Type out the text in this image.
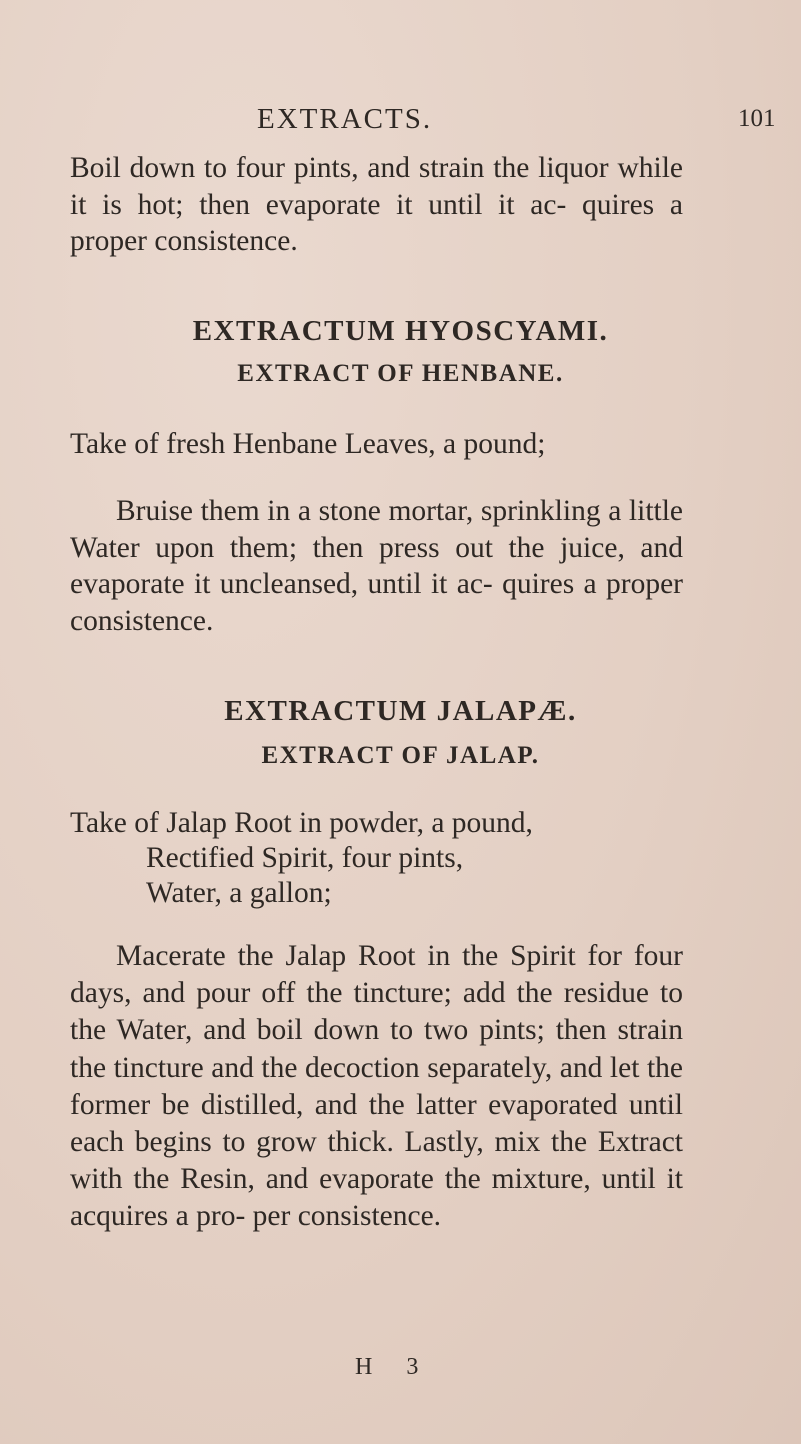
EXTRACTS.	101

Boil down to four pints, and strain the liquor while it is hot; then evaporate it until it ac- quires a proper consistence.

EXTRACTUM HYOSCYAMI.
EXTRACT OF HENBANE.

Take of fresh Henbane Leaves, a pound;

Bruise them in a stone mortar, sprinkling a little Water upon them; then press out the juice, and evaporate it uncleansed, until it ac- quires a proper consistence.

EXTRACTUM JALAPÆ.
EXTRACT OF JALAP.
Take of Jalap Root in powder, a pound,
Rectified Spirit, four pints,
Water, a gallon;

Macerate the Jalap Root in the Spirit for four days, and pour off the tincture; add the residue to the Water, and boil down to two pints; then strain the tincture and the decoction separately, and let the former be distilled, and the latter evaporated until each begins to grow thick. Lastly, mix the Extract with the Resin, and evaporate the mixture, until it acquires a pro- per consistence.

H 3
